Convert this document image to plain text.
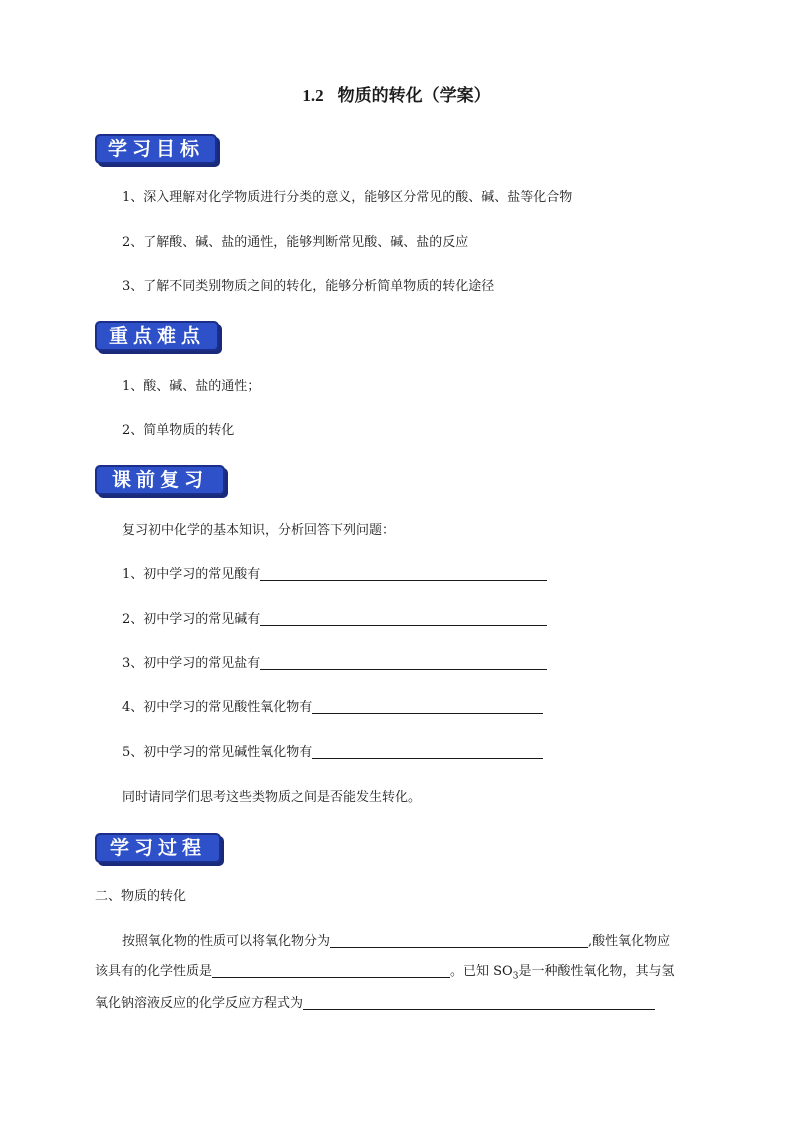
1.2 物质的转化（学案）
学习目标
1、深入理解对化学物质进行分类的意义，能够区分常见的酸、碱、盐等化合物
2、了解酸、碱、盐的通性，能够判断常见酸、碱、盐的反应
3、了解不同类别物质之间的转化，能够分析简单物质的转化途径
重点难点
1、酸、碱、盐的通性；
2、简单物质的转化
课前复习
复习初中化学的基本知识，分析回答下列问题：
1、初中学习的常见酸有
2、初中学习的常见碱有
3、初中学习的常见盐有
4、初中学习的常见酸性氧化物有
5、初中学习的常见碱性氧化物有
同时请同学们思考这些类物质之间是否能发生转化。
学习过程
二、物质的转化
按照氧化物的性质可以将氧化物分为	,酸性氧化物应
该具有的化学性质是	。已知 $SO_3$是一种酸性氧化物，其与氢
氧化钠溶液反应的化学反应方程式为
